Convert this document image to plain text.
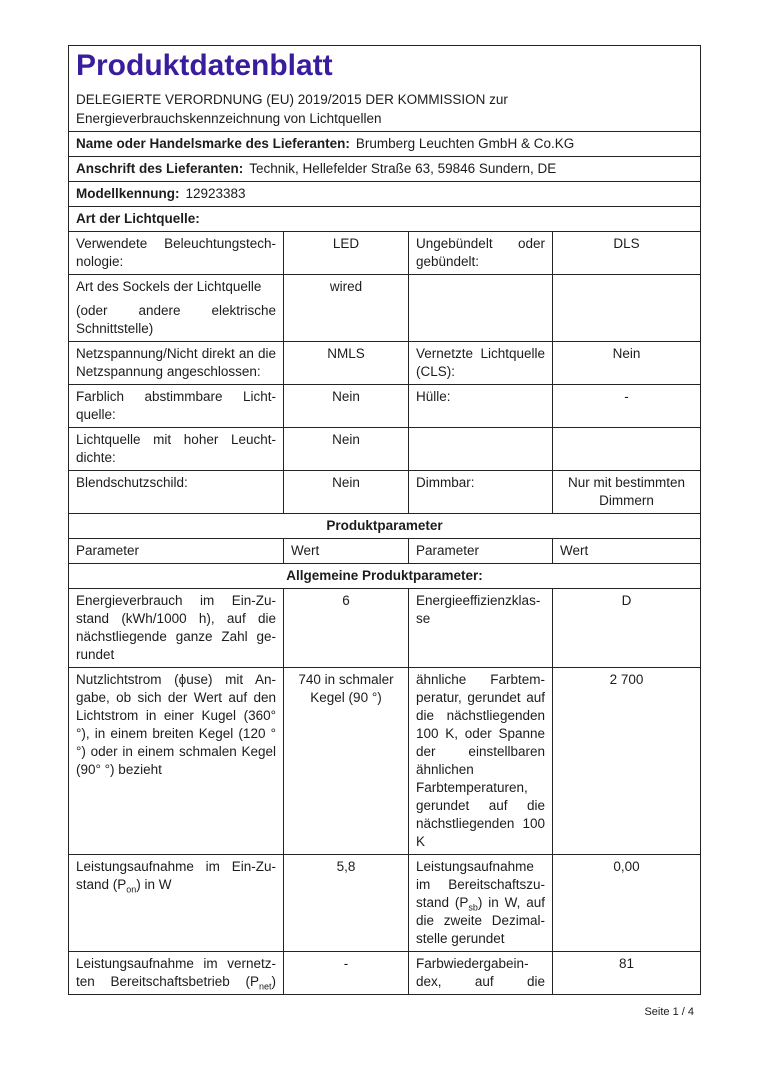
Produktdatenblatt
DELEGIERTE VERORDNUNG (EU) 2019/2015 DER KOMMISSION zur Energieverbrauchskennzeichnung von Lichtquellen			

Name oder Handelsmarke des Lieferanten: Brumberg Leuchten GmbH & Co.KG			
Anschrift des Lieferanten: Technik, Hellefelder Straße 63, 59846 Sundern, DE			
Modellkennung: 12923383			
Art der Lichtquelle:			
Verwendete Beleuchtungstechnologie:	LED	Ungebündelt oder gebündelt:	DLS

Art des Sockels der Lichtquelle
(oder andere elektrische Schnittstelle)	wired		
Netzspannung/Nicht direkt an die Netzspannung angeschlossen:	NMLS	Vernetzte Lichtquelle (CLS):	Nein
Farblich abstimmbare Lichtquelle:	Nein	Hülle:	-
Lichtquelle mit hoher Leuchtdichte:	Nein		
Blendschutzschild:	Nein	Dimmbar:	Nur mit bestimmten Dimmern
Produktparameter			
Parameter	Wert	Parameter	Wert
Allgemeine Produktparameter:			
Energieverbrauch im Ein-Zustand (kWh/1000 h), auf die nächstliegende ganze Zahl gerundet	6	Energieeffizienzklasse	D
Nutzlichtstrom (ϕuse) mit Angabe, ob sich der Wert auf den Lichtstrom in einer Kugel (360° °), in einem breiten Kegel (120 °°) oder in einem schmalen Kegel (90° °) bezieht	740 in schmaler Kegel (90 °)	ähnliche Farbtemperatur, gerundet auf die nächstliegenden 100 K, oder Spanne der einstellbaren ähnlichen Farbtemperaturen, gerundet auf die nächstliegenden 100 K	2 700
Leistungsaufnahme im Ein-Zustand $(P_{on})$ in W	5,8	Leistungsaufnahme im Bereitschaftszustand $(P_{sb})$ in W, auf die zweite Dezimalstelle gerundet	0,00
Leistungsaufnahme im vernetzten Bereitschaftsbetrieb $(P_{net})$	-	Farbwiedergabeindex, auf die	81
Seite 1 / 4
